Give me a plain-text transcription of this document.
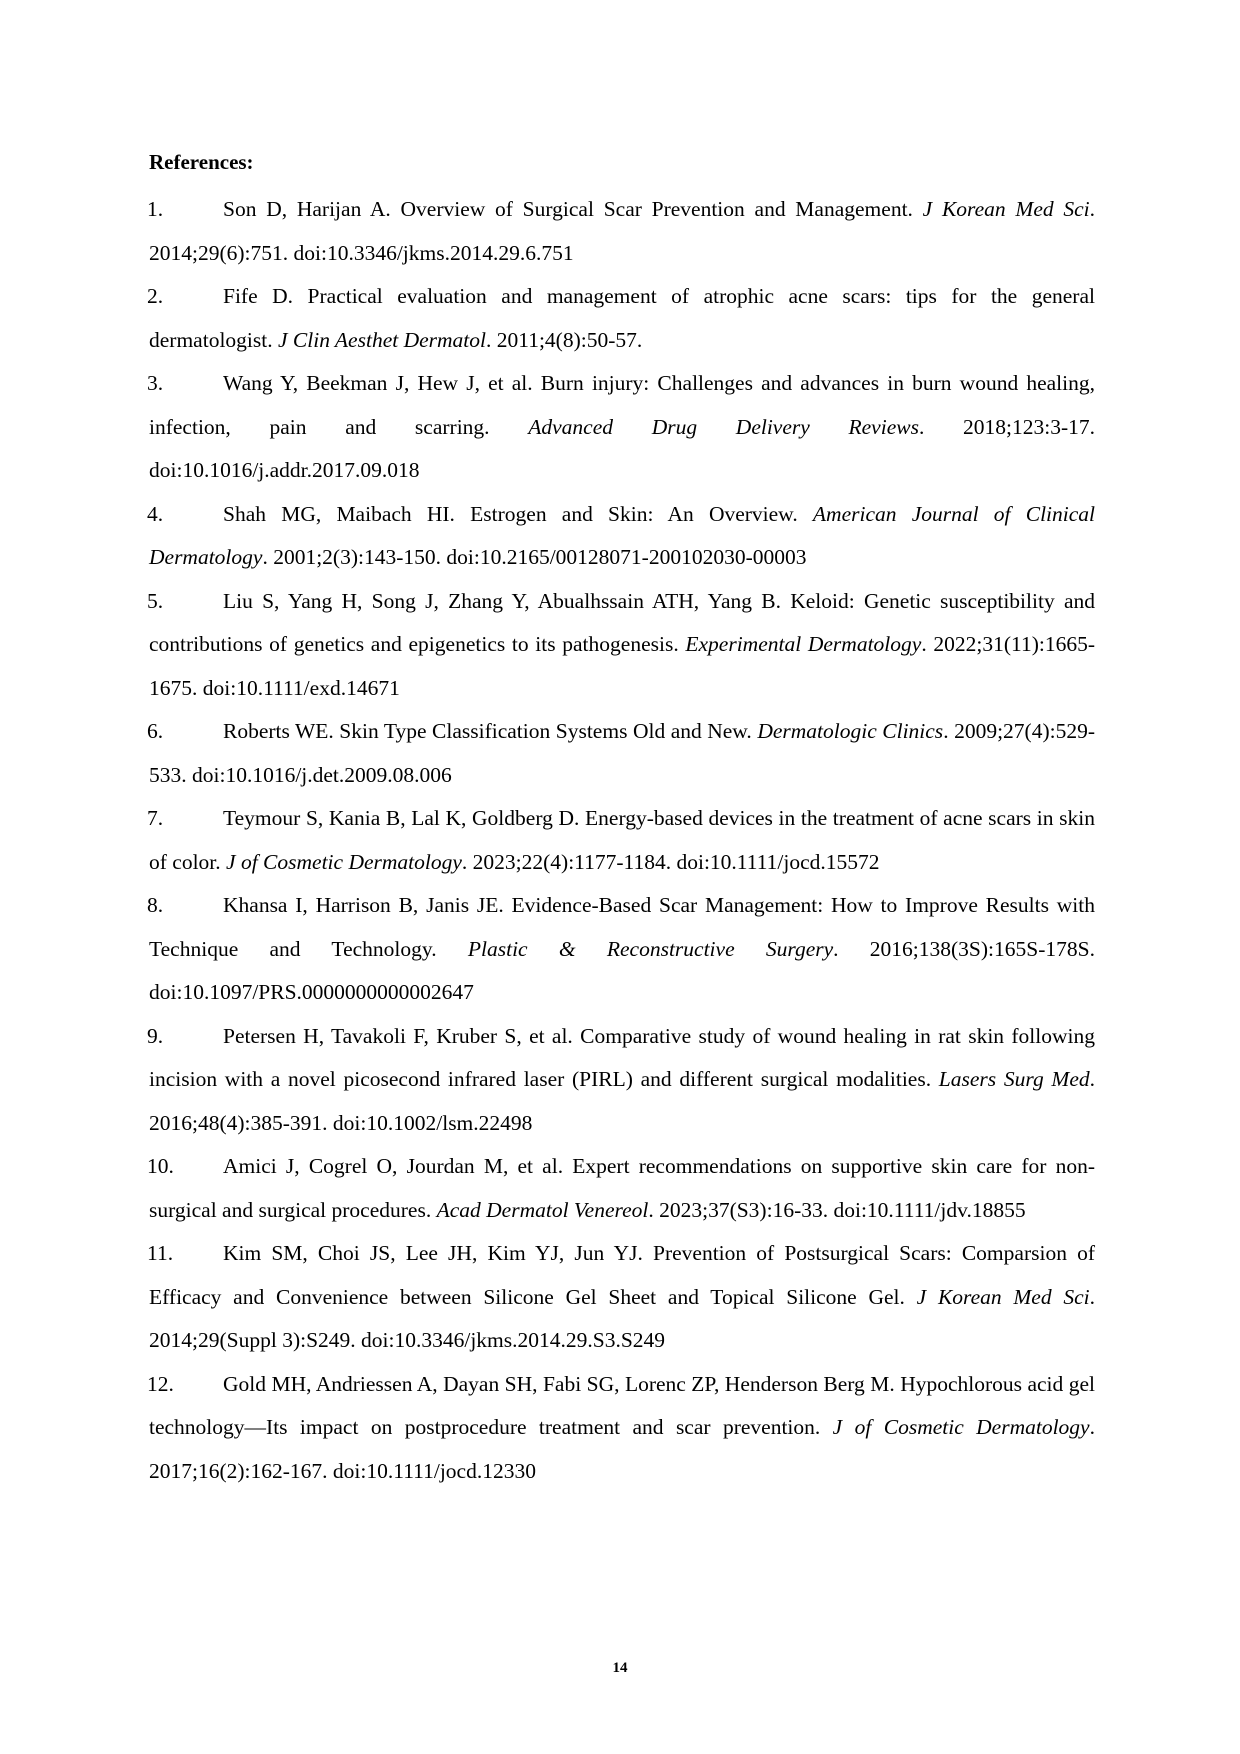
References:
1.	Son D, Harijan A. Overview of Surgical Scar Prevention and Management. J Korean Med Sci. 2014;29(6):751. doi:10.3346/jkms.2014.29.6.751
2.	Fife D. Practical evaluation and management of atrophic acne scars: tips for the general dermatologist. J Clin Aesthet Dermatol. 2011;4(8):50-57.
3.	Wang Y, Beekman J, Hew J, et al. Burn injury: Challenges and advances in burn wound healing, infection, pain and scarring. Advanced Drug Delivery Reviews. 2018;123:3-17. doi:10.1016/j.addr.2017.09.018
4.	Shah MG, Maibach HI. Estrogen and Skin: An Overview. American Journal of Clinical Dermatology. 2001;2(3):143-150. doi:10.2165/00128071-200102030-00003
5.	Liu S, Yang H, Song J, Zhang Y, Abualhssain ATH, Yang B. Keloid: Genetic susceptibility and contributions of genetics and epigenetics to its pathogenesis. Experimental Dermatology. 2022;31(11):1665-1675. doi:10.1111/exd.14671
6.	Roberts WE. Skin Type Classification Systems Old and New. Dermatologic Clinics. 2009;27(4):529-533. doi:10.1016/j.det.2009.08.006
7.	Teymour S, Kania B, Lal K, Goldberg D. Energy-based devices in the treatment of acne scars in skin of color. J of Cosmetic Dermatology. 2023;22(4):1177-1184. doi:10.1111/jocd.15572
8.	Khansa I, Harrison B, Janis JE. Evidence-Based Scar Management: How to Improve Results with Technique and Technology. Plastic & Reconstructive Surgery. 2016;138(3S):165S-178S. doi:10.1097/PRS.0000000000002647
9.	Petersen H, Tavakoli F, Kruber S, et al. Comparative study of wound healing in rat skin following incision with a novel picosecond infrared laser (PIRL) and different surgical modalities. Lasers Surg Med. 2016;48(4):385-391. doi:10.1002/lsm.22498
10. Amici J, Cogrel O, Jourdan M, et al. Expert recommendations on supportive skin care for non-surgical and surgical procedures. Acad Dermatol Venereol. 2023;37(S3):16-33. doi:10.1111/jdv.18855
11. Kim SM, Choi JS, Lee JH, Kim YJ, Jun YJ. Prevention of Postsurgical Scars: Comparsion of Efficacy and Convenience between Silicone Gel Sheet and Topical Silicone Gel. J Korean Med Sci. 2014;29(Suppl 3):S249. doi:10.3346/jkms.2014.29.S3.S249
12. Gold MH, Andriessen A, Dayan SH, Fabi SG, Lorenc ZP, Henderson Berg M. Hypochlorous acid gel technology—Its impact on postprocedure treatment and scar prevention. J of Cosmetic Dermatology. 2017;16(2):162-167. doi:10.1111/jocd.12330
14
